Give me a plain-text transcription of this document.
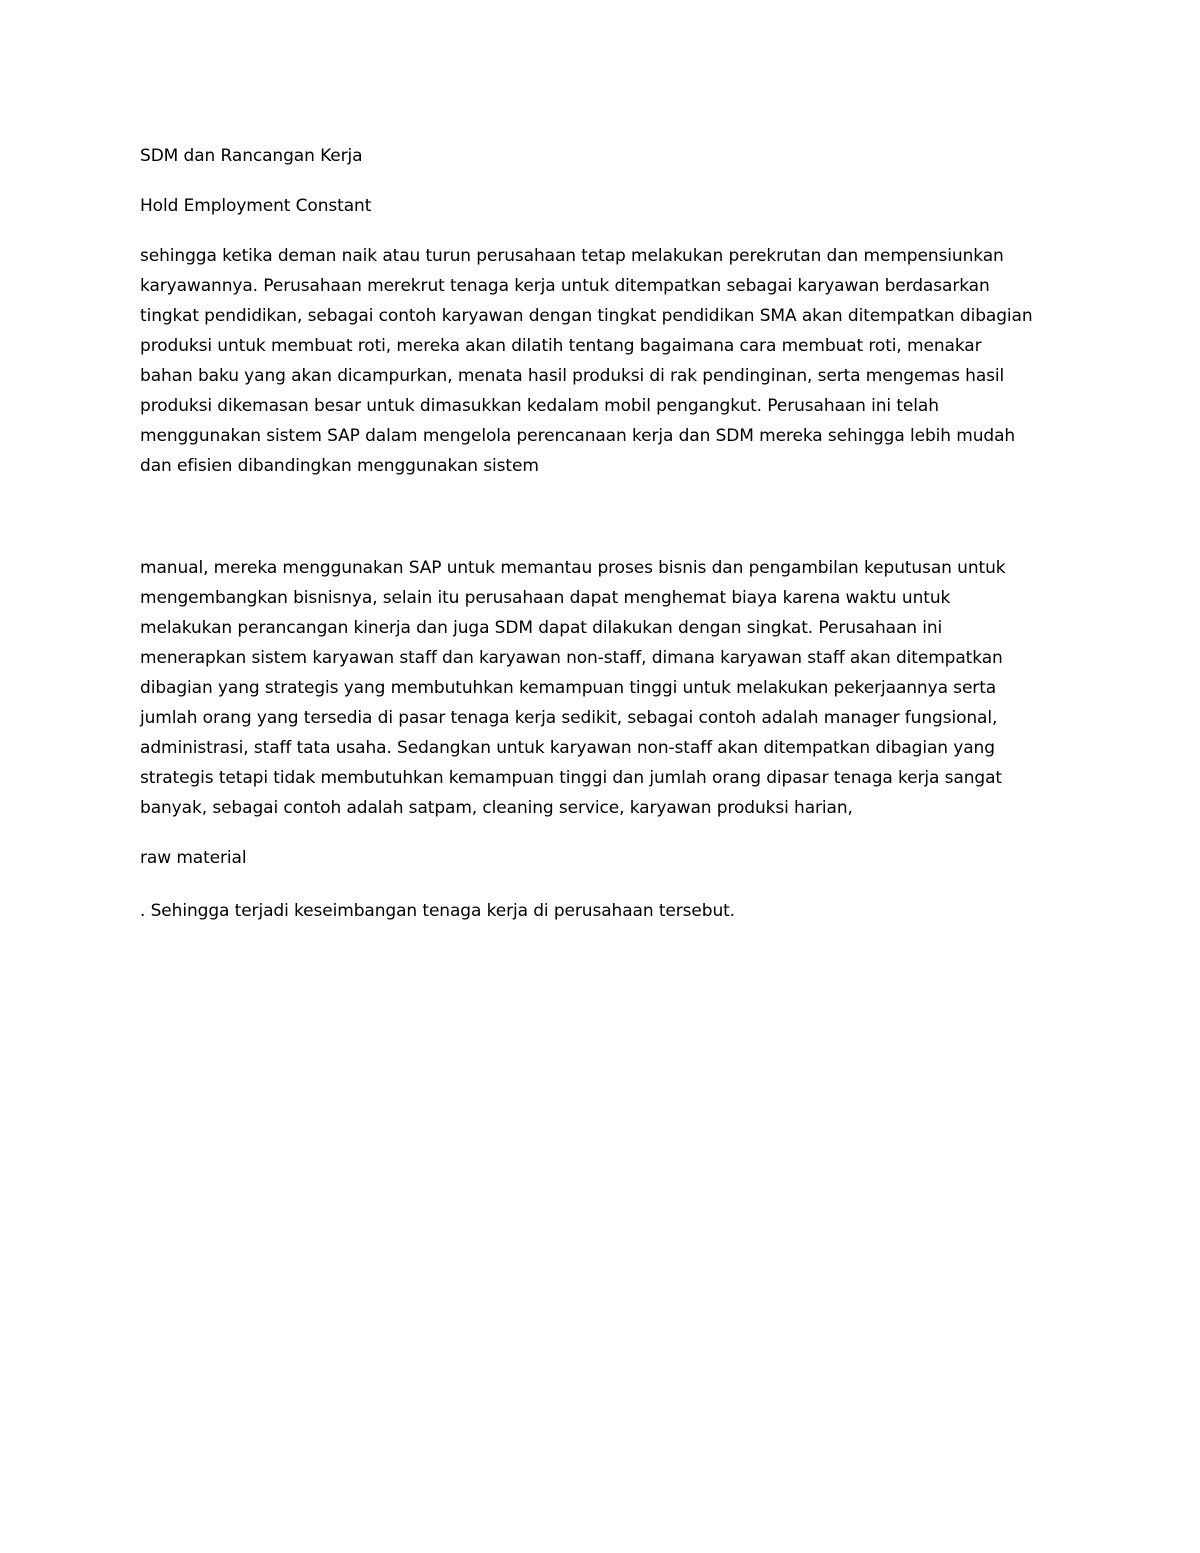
SDM dan Rancangan Kerja
Hold Employment Constant
sehingga ketika deman naik atau turun perusahaan tetap melakukan perekrutan dan mempensiunkan
karyawannya. Perusahaan merekrut tenaga kerja untuk ditempatkan sebagai karyawan berdasarkan
tingkat pendidikan, sebagai contoh karyawan dengan tingkat pendidikan SMA akan ditempatkan dibagian
produksi untuk membuat roti, mereka akan dilatih tentang bagaimana cara membuat roti, menakar
bahan baku yang akan dicampurkan, menata hasil produksi di rak pendinginan, serta mengemas hasil
produksi dikemasan besar untuk dimasukkan kedalam mobil pengangkut. Perusahaan ini telah
menggunakan sistem SAP dalam mengelola perencanaan kerja dan SDM mereka sehingga lebih mudah
dan efisien dibandingkan menggunakan sistem
manual, mereka menggunakan SAP untuk memantau proses bisnis dan pengambilan keputusan untuk
mengembangkan bisnisnya, selain itu perusahaan dapat menghemat biaya karena waktu untuk
melakukan perancangan kinerja dan juga SDM dapat dilakukan dengan singkat. Perusahaan ini
menerapkan sistem karyawan staff dan karyawan non-staff, dimana karyawan staff akan ditempatkan
dibagian yang strategis yang membutuhkan kemampuan tinggi untuk melakukan pekerjaannya serta
jumlah orang yang tersedia di pasar tenaga kerja sedikit, sebagai contoh adalah manager fungsional,
administrasi, staff tata usaha. Sedangkan untuk karyawan non-staff akan ditempatkan dibagian yang
strategis tetapi tidak membutuhkan kemampuan tinggi dan jumlah orang dipasar tenaga kerja sangat
banyak, sebagai contoh adalah satpam, cleaning service, karyawan produksi harian,
raw material
. Sehingga terjadi keseimbangan tenaga kerja di perusahaan tersebut.
